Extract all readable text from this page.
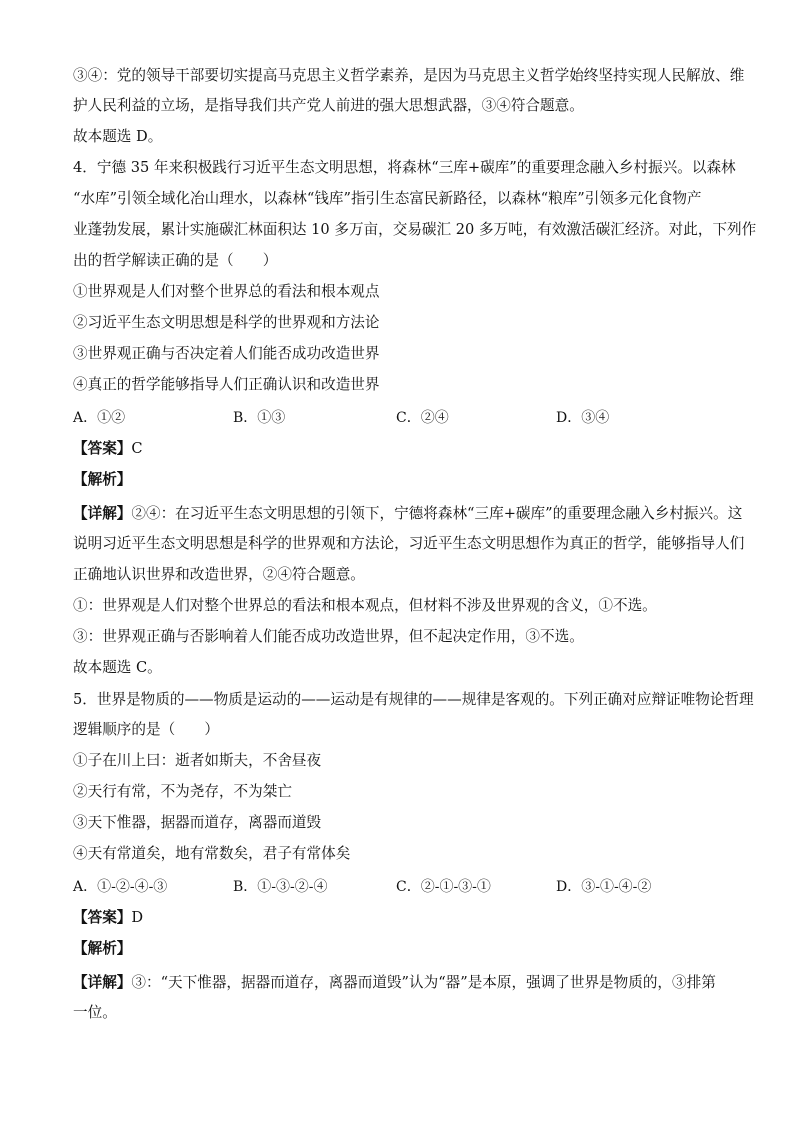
③④：党的领导干部要切实提高马克思主义哲学素养，是因为马克思主义哲学始终坚持实现人民解放、维
护人民利益的立场，是指导我们共产党人前进的强大思想武器，③④符合题意。
故本题选 D。
4．宁德 35 年来积极践行习近平生态文明思想，将森林“三库+碳库”的重要理念融入乡村振兴。以森林
“水库”引领全域化冶山理水，以森林“钱库”指引生态富民新路径，以森林“粮库”引领多元化食物产
业蓬勃发展，累计实施碳汇林面积达 10 多万亩，交易碳汇 20 多万吨，有效激活碳汇经济。对此，下列作
出的哲学解读正确的是（　　）
①世界观是人们对整个世界总的看法和根本观点
②习近平生态文明思想是科学的世界观和方法论
③世界观正确与否决定着人们能否成功改造世界
④真正的哲学能够指导人们正确认识和改造世界
A．①②	B．①③	C．②④	D．③④
【答案】C
【解析】
【详解】②④：在习近平生态文明思想的引领下，宁德将森林“三库+碳库”的重要理念融入乡村振兴。这
说明习近平生态文明思想是科学的世界观和方法论，习近平生态文明思想作为真正的哲学，能够指导人们
正确地认识世界和改造世界，②④符合题意。
①：世界观是人们对整个世界总的看法和根本观点，但材料不涉及世界观的含义，①不选。
③：世界观正确与否影响着人们能否成功改造世界，但不起决定作用，③不选。
故本题选 C。
5．世界是物质的——物质是运动的——运动是有规律的——规律是客观的。下列正确对应辩证唯物论哲理
逻辑顺序的是（　　）
①子在川上曰：逝者如斯夫，不舍昼夜
②天行有常，不为尧存，不为桀亡
③天下惟器，据器而道存，离器而道毁
④天有常道矣，地有常数矣，君子有常体矣
A．①-②-④-③	B．①-③-②-④	C．②-①-③-①	D．③-①-④-②
【答案】D
【解析】
【详解】③：“天下惟器，据器而道存，离器而道毁”认为“器”是本原，强调了世界是物质的，③排第
一位。
